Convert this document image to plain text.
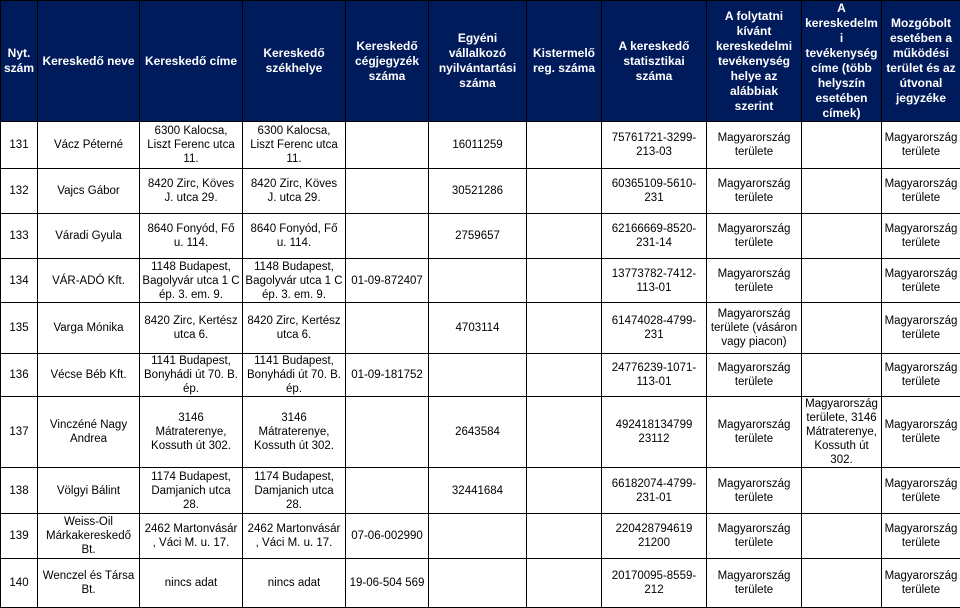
Nyt. szám	Kereskedő neve	Kereskedő címe	Kereskedő székhelye	Kereskedő cégjegyzék száma	Egyéni vállalkozó nyilvántartási száma	Kistermelő reg. száma	A kereskedő statisztikai száma	A folytatni kívánt kereskedelmi tevékenység helye az alábbiak szerint	A kereskedelmi tevékenység címe (több helyszín esetében címek)	Mozgóbolt esetében a működési terület és az útvonal jegyzéke
131	Vácz Péterné	6300 Kalocsa, Liszt Ferenc utca 11.	6300 Kalocsa, Liszt Ferenc utca 11.		16011259		75761721-3299-213-03	Magyarország területe		Magyarország területe
132	Vajcs Gábor	8420 Zirc, Köves J. utca 29.	8420 Zirc, Köves J. utca 29.		30521286		60365109-5610-231	Magyarország területe		Magyarország területe
133	Váradi Gyula	8640 Fonyód, Fő u. 114.	8640 Fonyód, Fő u. 114.		2759657		62166669-8520-231-14	Magyarország területe		Magyarország területe
134	VÁR-ADÓ Kft.	1148 Budapest, Bagolyvár utca 1 C ép. 3. em. 9.	1148 Budapest, Bagolyvár utca 1 C ép. 3. em. 9.	01-09-872407			13773782-7412-113-01	Magyarország területe		Magyarország területe
135	Varga Mónika	8420 Zirc, Kertész utca 6.	8420 Zirc, Kertész utca 6.		4703114		61474028-4799-231	Magyarország területe (vásáron vagy piacon)		Magyarország területe
136	Vécse Béb Kft.	1141 Budapest, Bonyhádi út 70. B. ép.	1141 Budapest, Bonyhádi út 70. B. ép.	01-09-181752			24776239-1071-113-01	Magyarország területe		Magyarország területe
137	Vinczéné Nagy Andrea	3146 Mátraterenye, Kossuth út 302.	3146 Mátraterenye, Kossuth út 302.		2643584		492418134799 23112	Magyarország területe	Magyarország területe, 3146 Mátraterenye, Kossuth út 302.	Magyarország területe
138	Völgyi Bálint	1174 Budapest, Damjanich utca 28.	1174 Budapest, Damjanich utca 28.		32441684		66182074-4799-231-01	Magyarország területe		Magyarország területe
139	Weiss-Oil Márkakereskedő Bt.	2462 Martonvásár , Váci M. u. 17.	2462 Martonvásár , Váci M. u. 17.	07-06-002990			220428794619 21200	Magyarország területe		Magyarország területe
140	Wenczel és Társa Bt.	nincs adat	nincs adat	19-06-504 569			20170095-8559-212	Magyarország területe		Magyarország területe
